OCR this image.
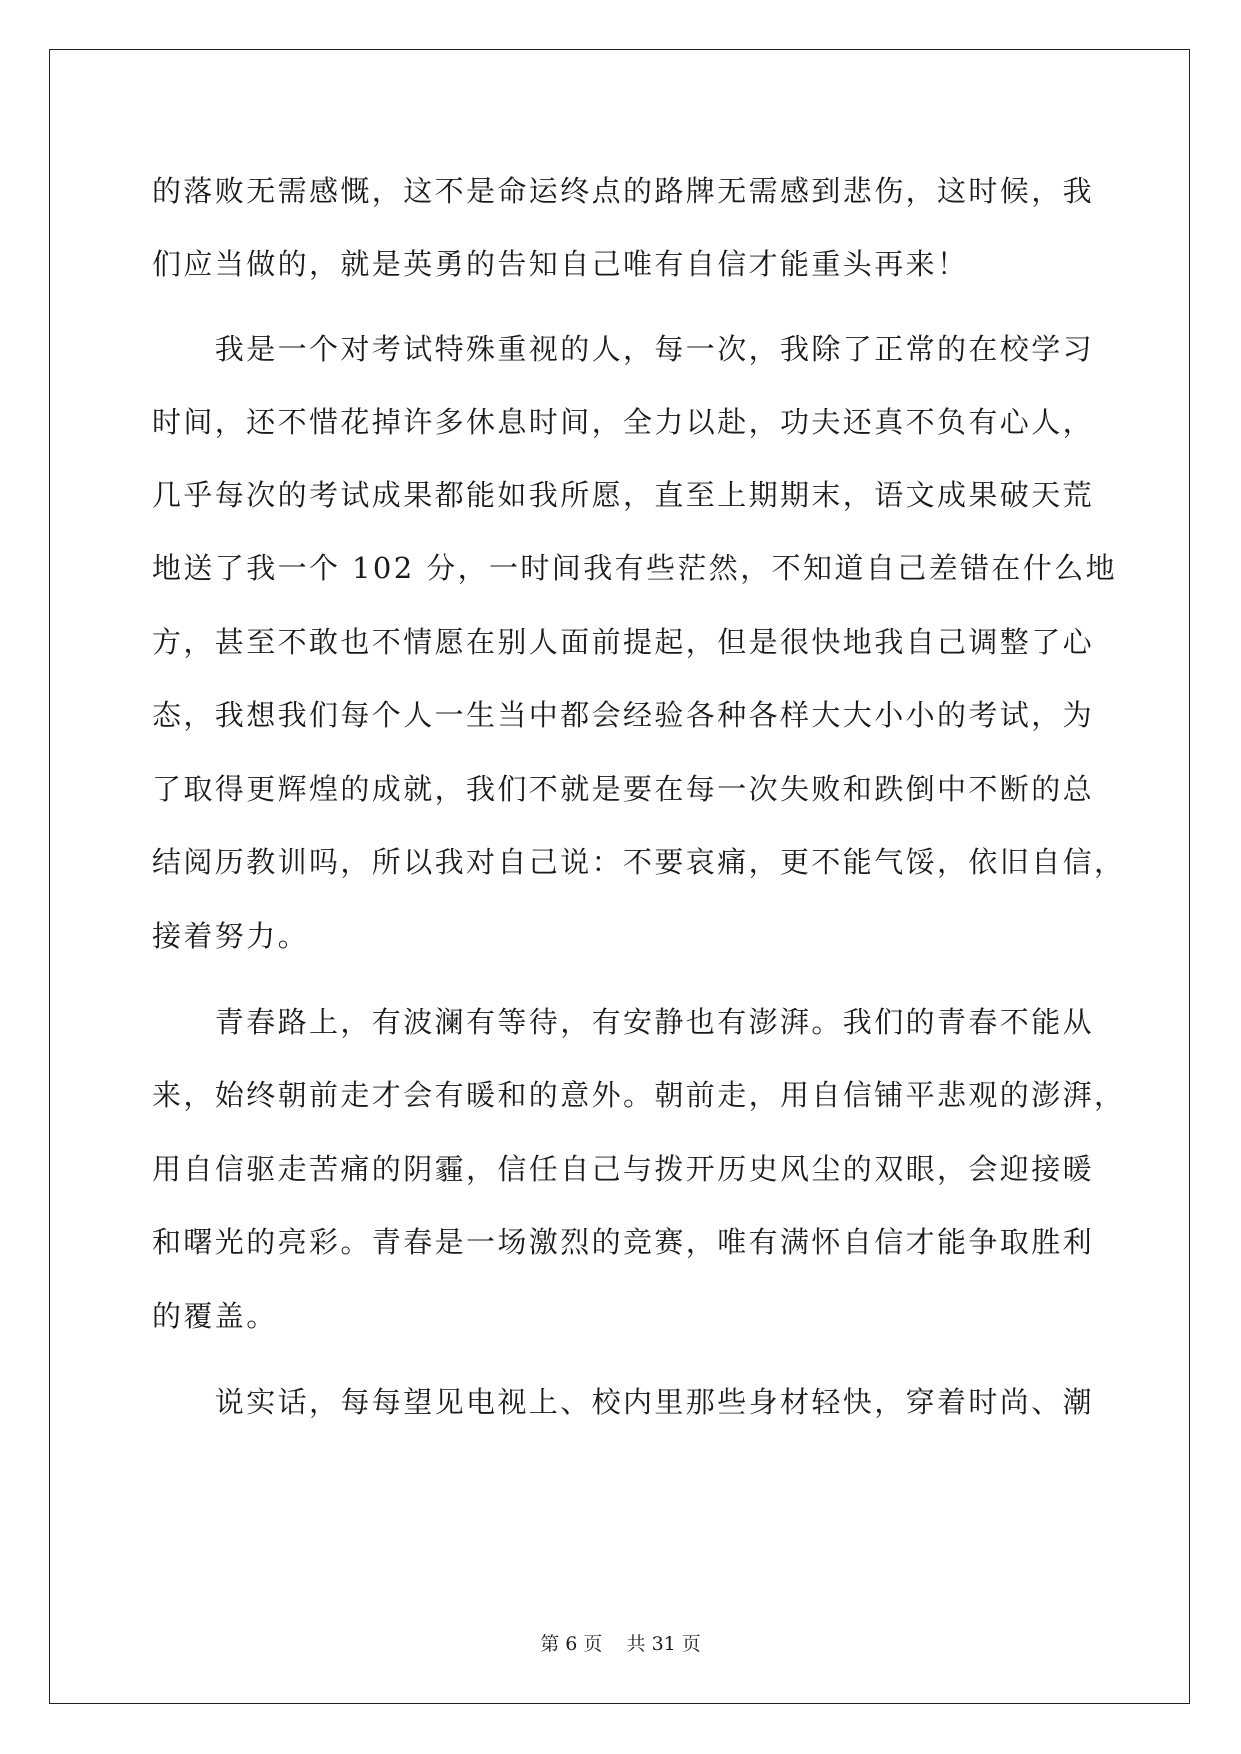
的落败无需感慨，这不是命运终点的路牌无需感到悲伤，这时候，我
们应当做的，就是英勇的告知自己唯有自信才能重头再来！
　　我是一个对考试特殊重视的人，每一次，我除了正常的在校学习
时间，还不惜花掉许多休息时间，全力以赴，功夫还真不负有心人，
几乎每次的考试成果都能如我所愿，直至上期期末，语文成果破天荒
地送了我一个 102 分，一时间我有些茫然，不知道自己差错在什么地
方，甚至不敢也不情愿在别人面前提起，但是很快地我自己调整了心
态，我想我们每个人一生当中都会经验各种各样大大小小的考试，为
了取得更辉煌的成就，我们不就是要在每一次失败和跌倒中不断的总
结阅历教训吗，所以我对自己说：不要哀痛，更不能气馁，依旧自信，
接着努力。
　　青春路上，有波澜有等待，有安静也有澎湃。我们的青春不能从
来，始终朝前走才会有暖和的意外。朝前走，用自信铺平悲观的澎湃，
用自信驱走苦痛的阴霾，信任自己与拨开历史风尘的双眼，会迎接暖
和曙光的亮彩。青春是一场激烈的竞赛，唯有满怀自信才能争取胜利
的覆盖。
　　说实话，每每望见电视上、校内里那些身材轻快，穿着时尚、潮
第 6 页    共 31 页
